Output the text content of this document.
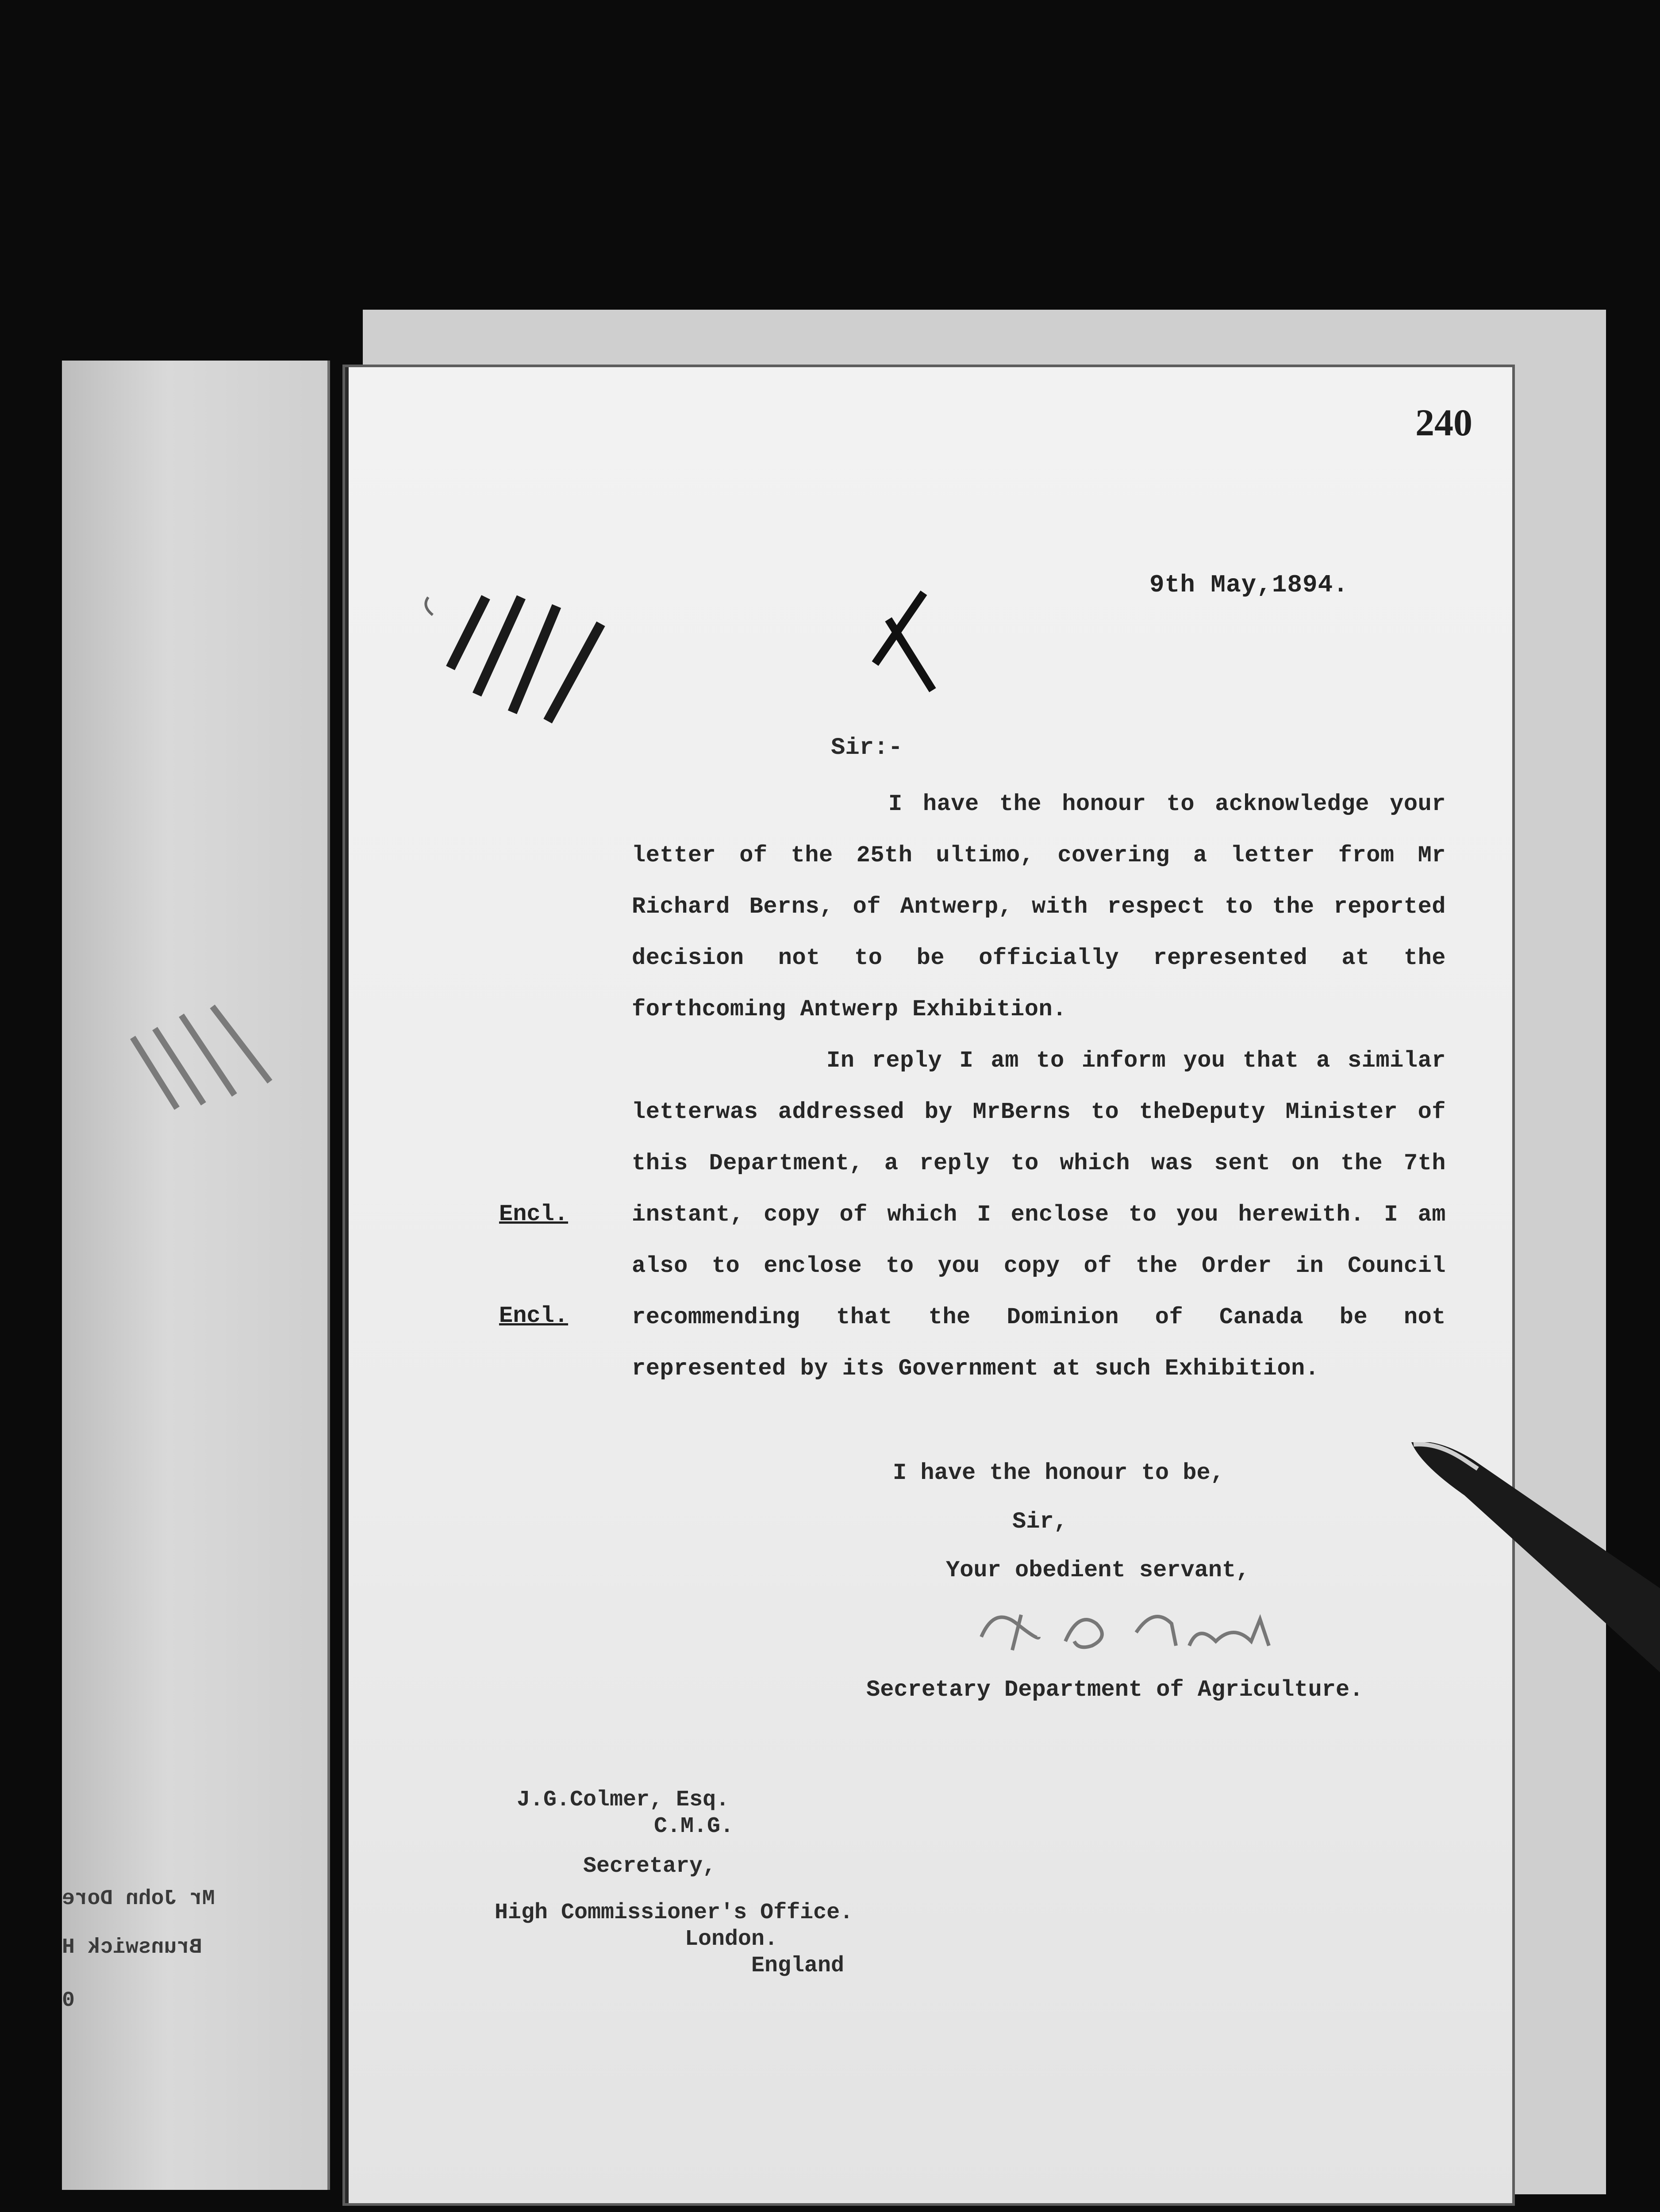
Mr John Dore
Brunswick H
0
240
9th May,1894.
Sir:-

I have the honour to acknowledge your letter of the 25th ultimo, covering a letter from Mr Richard Berns, of Antwerp, with respect to the reported decision not to be officially represented at the forthcoming Antwerp Exhibition.

In reply I am to inform you that a similar letterwas addressed by MrBerns to theDeputy Minister of this Department, a reply to which was sent on the 7th instant, copy of which I enclose to you herewith. I am also to enclose to you copy of the Order in Council recommending that the Dominion of Canada be not represented by its Government at such Exhibition.

Encl.
Encl.
I have the honour to be,
Sir,
Your obedient servant,
Secretary Department of Agriculture.
J.G.Colmer, Esq.
C.M.G.
Secretary,
High Commissioner's Office.
London.
England
